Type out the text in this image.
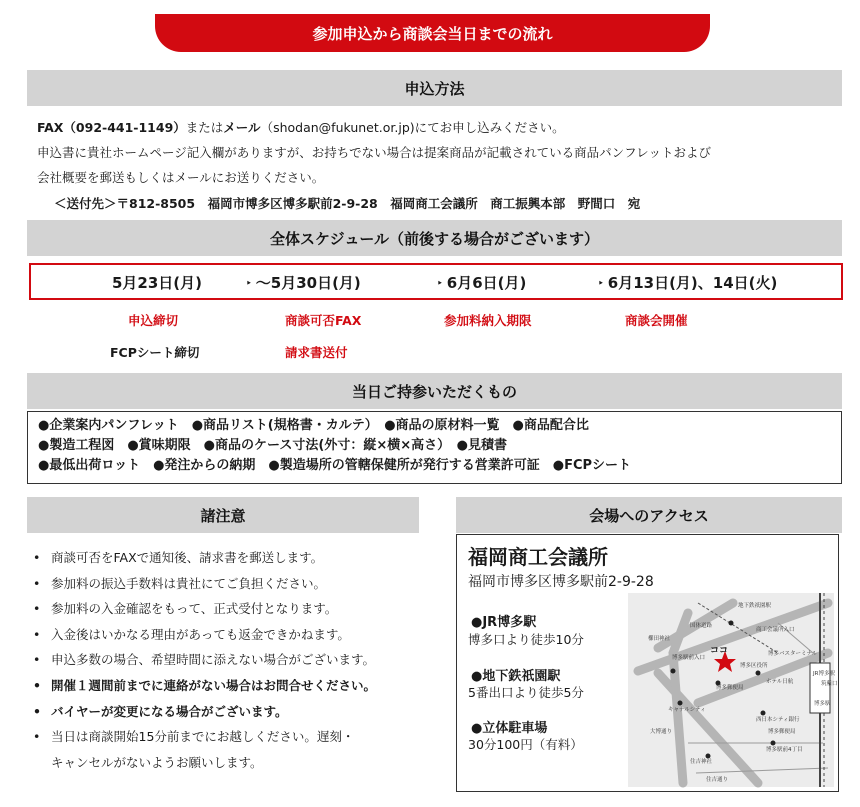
参加申込から商談会当日までの流れ
申込方法
FAX（092-441-1149）またはメール（shodan@fukunet.or.jp)にてお申し込みください。
申込書に貴社ホームページ記入欄がありますが、お持ちでない場合は提案商品が記載されている商品パンフレットおよび
会社概要を郵送もしくはメールにお送りください。
＜送付先＞〒812-8505　福岡市博多区博多駅前2-9-28　福岡商工会議所　商工振興本部　野間口　宛
全体スケジュール（前後する場合がございます）
5月23日(月)	‣ ～5月30日(月)	‣ 6月6日(月)	‣ 6月13日(月)、14日(火)
申込締切	商談可否FAX	参加料納入期限	商談会開催
FCPシート締切	請求書送付
当日ご持参いただくもの
●企業案内パンフレット　●商品リスト(規格書・カルテ）　●商品の原材料一覧　●商品配合比
●製造工程図　●賞味期限　●商品のケース寸法(外寸：縦×横×高さ）　●見積書
●最低出荷ロット　●発注からの納期　●製造場所の管轄保健所が発行する営業許可証　●FCPシート
諸注意
• 商談可否をFAXで通知後、請求書を郵送します。
• 参加料の振込手数料は貴社にてご負担ください。
• 参加料の入金確認をもって、正式受付となります。
• 入金後はいかなる理由があっても返金できかねます。
• 申込多数の場合、希望時間に添えない場合がございます。
• 開催１週間前までに連絡がない場合はお問合せください。
• バイヤーが変更になる場合がございます。
• 当日は商談開始15分前までにお越しください。遅刻・
キャンセルがないようお願いします。
会場へのアクセス
福岡商工会議所
福岡市博多区博多駅前2-9-28
●JR博多駅
博多口より徒歩10分
●地下鉄祇園駅
5番出口より徒歩5分
●立体駐車場
30分100円（有料）
地下鉄祇園駅
国体道路
商工会議所入口
櫛田神社
博多バスターミナル
筑紫口
博多駅
JR博多駅
博多区役所
博多郵便局
ホテル日航
キャナルシティ
西日本シティ銀行
博多郵便局
住吉神社
博多駅前4丁目
博多駅前入口
住吉通り
大博通り
ココ
